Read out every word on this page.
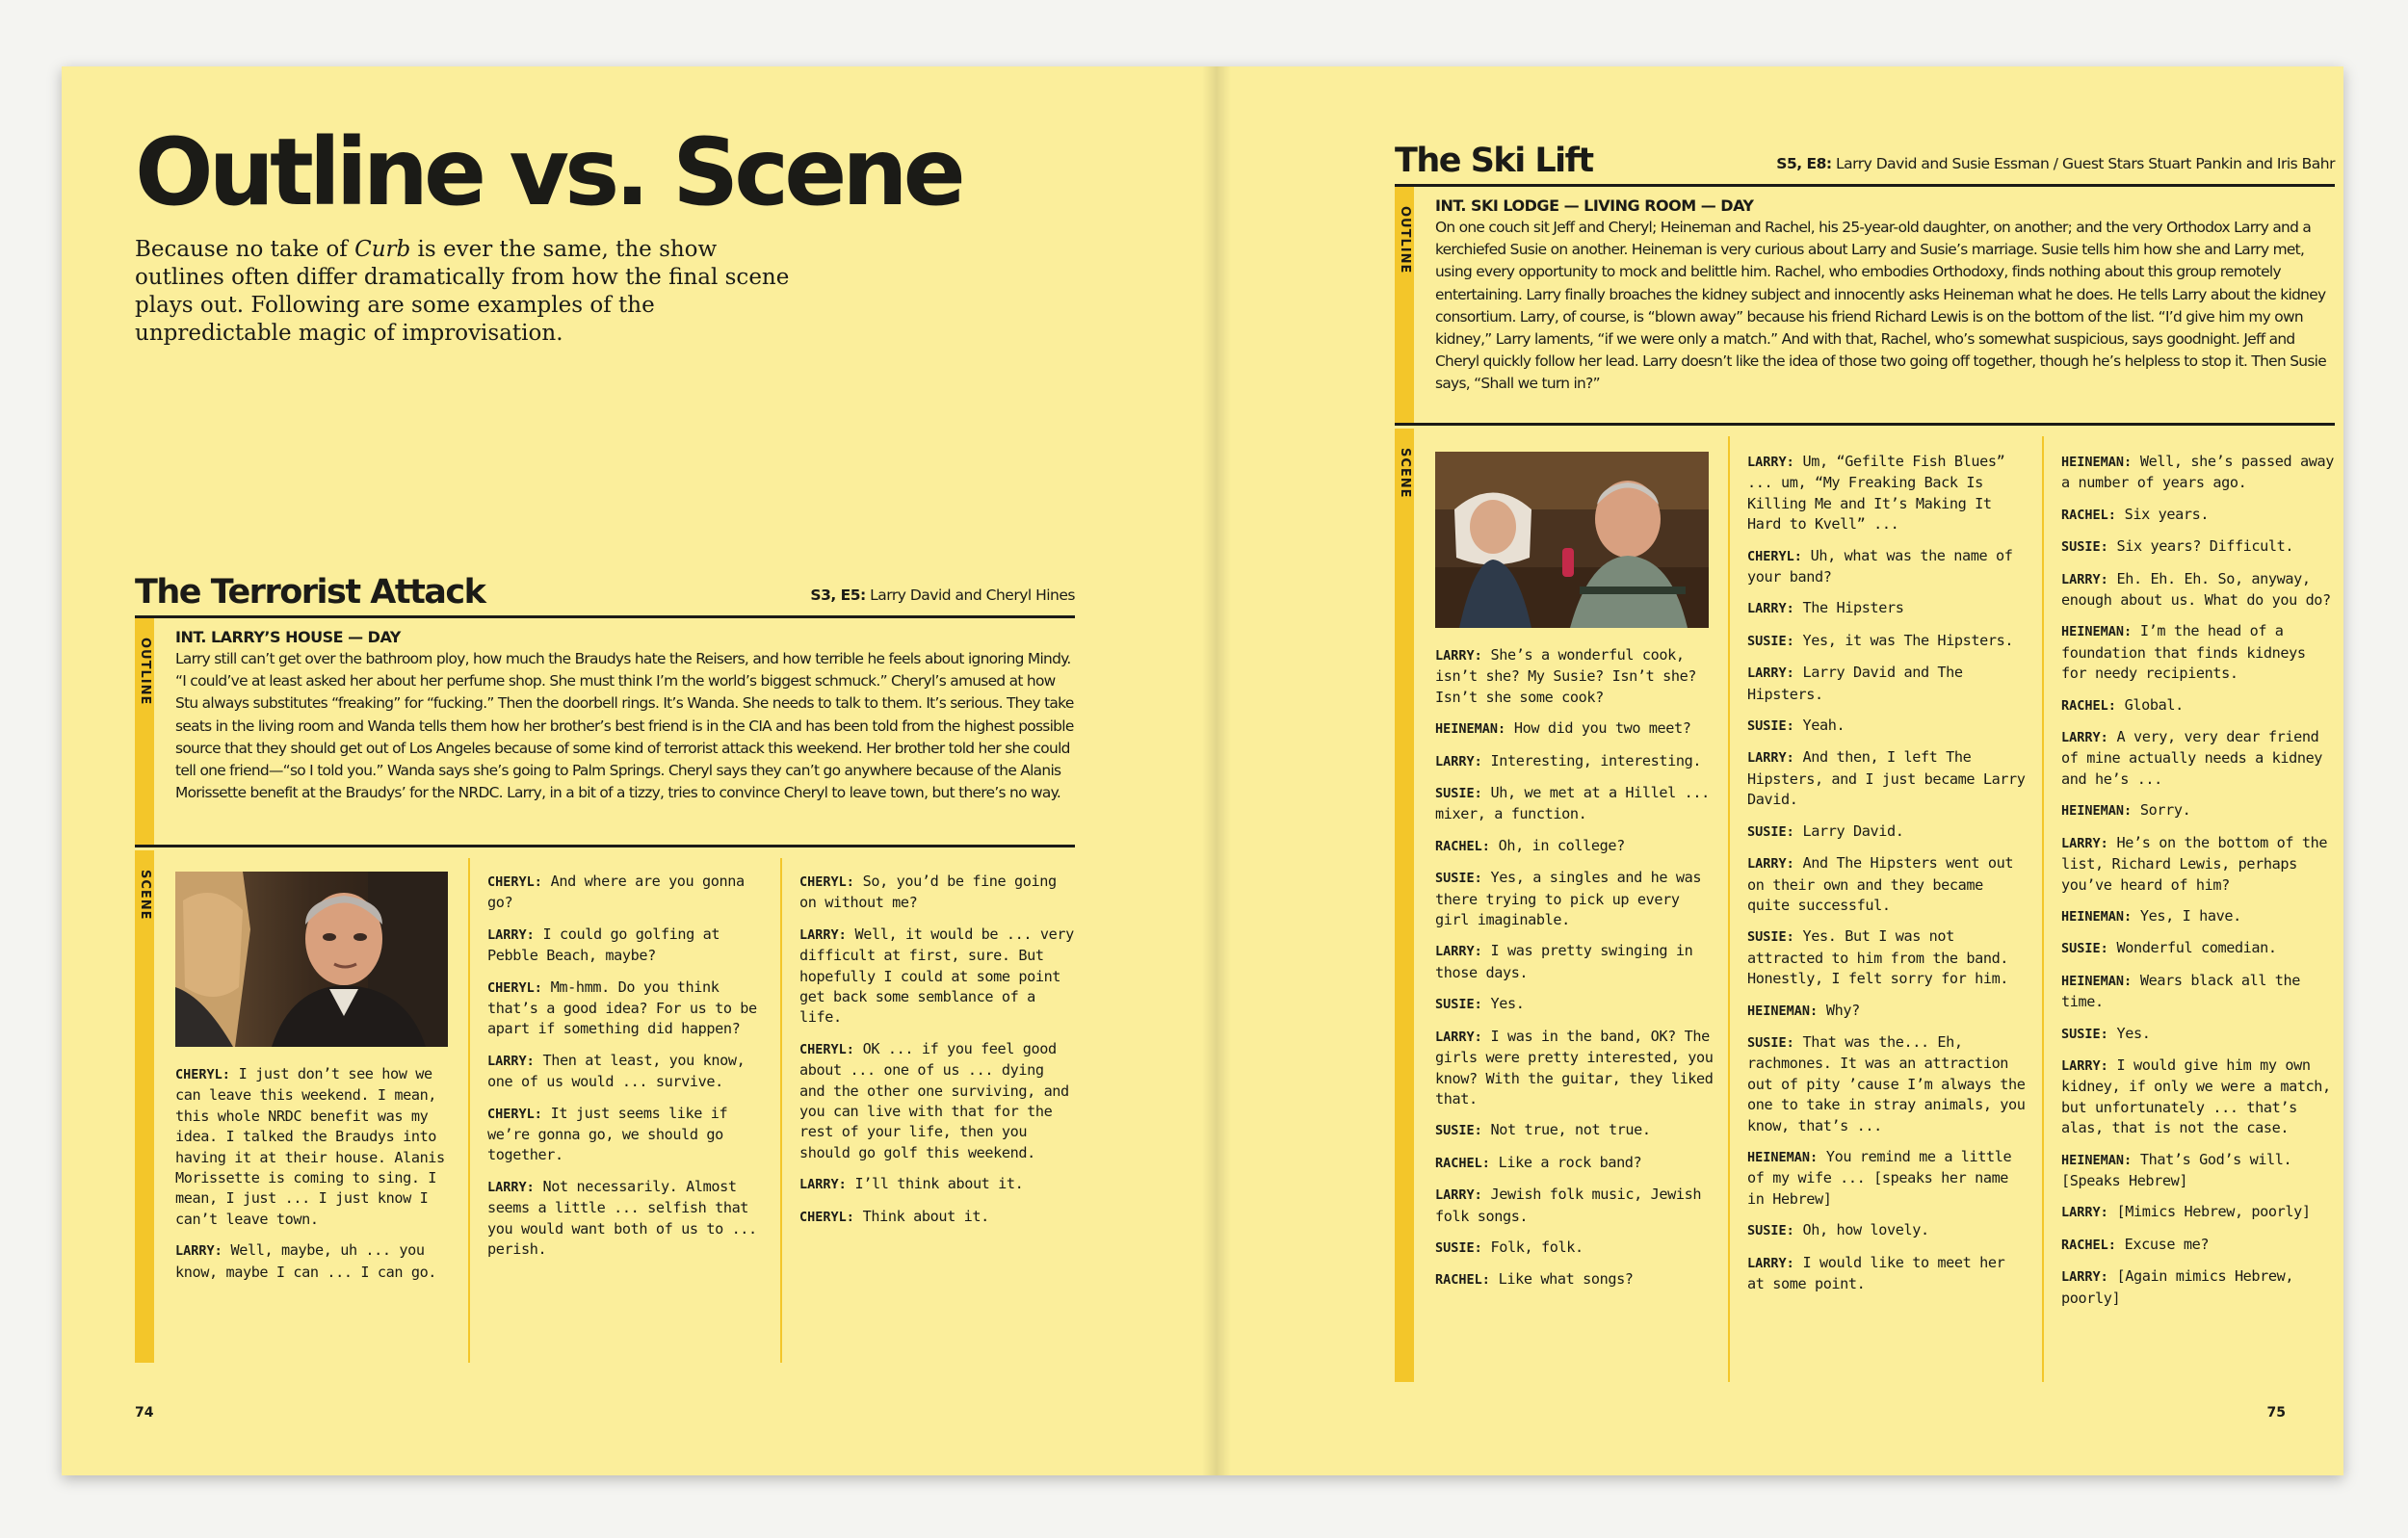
Outline vs. Scene

Because no take of Curb is ever the same, the show outlines often differ dramatically from how the final scene plays out. Following are some examples of the unpredictable magic of improvisation.

The Terrorist Attack	S3, E5: Larry David and Cheryl Hines
OUTLINE

INT. LARRY’S HOUSE — DAY

Larry still can’t get over the bathroom ploy, how much the Braudys hate the Reisers, and how terrible he feels about ignoring Mindy. “I could’ve at least asked her about her perfume shop. She must think I’m the world’s biggest schmuck.” Cheryl’s amused at how Stu always substitutes “freaking” for “fucking.” Then the doorbell rings. It’s Wanda. She needs to talk to them. It’s serious. They take seats in the living room and Wanda tells them how her brother’s best friend is in the CIA and has been told from the highest possible source that they should get out of Los Angeles because of some kind of terrorist attack this weekend. Her brother told her she could tell one friend—“so I told you.” Wanda says she’s going to Palm Springs. Cheryl says they can’t go anywhere because of the Alanis Morissette benefit at the Braudys’ for the NRDC. Larry, in a bit of a tizzy, tries to convince Cheryl to leave town, but there’s no way.

SCENE

CHERYL: I just don’t see how we can leave this weekend. I mean, this whole NRDC benefit was my idea. I talked the Braudys into having it at their house. Alanis Morissette is coming to sing. I mean, I just ... I just know I can’t leave town.

LARRY: Well, maybe, uh ... you know, maybe I can ... I can go.

CHERYL: And where are you gonna go?

LARRY: I could go golfing at Pebble Beach, maybe?

CHERYL: Mm-hmm. Do you think that’s a good idea? For us to be apart if something did happen?

LARRY: Then at least, you know, one of us would ... survive.

CHERYL: It just seems like if we’re gonna go, we should go together.

LARRY: Not necessarily. Almost seems a little ... selfish that you would want both of us to ... perish.

CHERYL: So, you’d be fine going on without me?

LARRY: Well, it would be ... very difficult at first, sure. But hopefully I could at some point get back some semblance of a life.

CHERYL: OK ... if you feel good about ... one of us ... dying and the other one surviving, and you can live with that for the rest of your life, then you should go golf this weekend.

LARRY: I’ll think about it.

CHERYL: Think about it.

74
The Ski Lift	S5, E8: Larry David and Susie Essman / Guest Stars Stuart Pankin and Iris Bahr
OUTLINE

INT. SKI LODGE — LIVING ROOM — DAY

On one couch sit Jeff and Cheryl; Heineman and Rachel, his 25-year-old daughter, on another; and the very Orthodox Larry and a kerchiefed Susie on another. Heineman is very curious about Larry and Susie’s marriage. Susie tells him how she and Larry met, using every opportunity to mock and belittle him. Rachel, who embodies Orthodoxy, finds nothing about this group remotely entertaining. Larry finally broaches the kidney subject and innocently asks Heineman what he does. He tells Larry about the kidney consortium. Larry, of course, is “blown away” because his friend Richard Lewis is on the bottom of the list. “I’d give him my own kidney,” Larry laments, “if we were only a match.” And with that, Rachel, who’s somewhat suspicious, says goodnight. Jeff and Cheryl quickly follow her lead. Larry doesn’t like the idea of those two going off together, though he’s helpless to stop it. Then Susie says, “Shall we turn in?”

SCENE

LARRY: She’s a wonderful cook, isn’t she? My Susie? Isn’t she? Isn’t she some cook?

HEINEMAN: How did you two meet?

LARRY: Interesting, interesting.

SUSIE: Uh, we met at a Hillel ... mixer, a function.

RACHEL: Oh, in college?

SUSIE: Yes, a singles and he was there trying to pick up every girl imaginable.

LARRY: I was pretty swinging in those days.

SUSIE: Yes.

LARRY: I was in the band, OK? The girls were pretty interested, you know? With the guitar, they liked that.

SUSIE: Not true, not true.

RACHEL: Like a rock band?

LARRY: Jewish folk music, Jewish folk songs.

SUSIE: Folk, folk.

RACHEL: Like what songs?

LARRY: Um, “Gefilte Fish Blues” ... um, “My Freaking Back Is Killing Me and It’s Making It Hard to Kvell” ...

CHERYL: Uh, what was the name of your band?

LARRY: The Hipsters

SUSIE: Yes, it was The Hipsters.

LARRY: Larry David and The Hipsters.

SUSIE: Yeah.

LARRY: And then, I left The Hipsters, and I just became Larry David.

SUSIE: Larry David.

LARRY: And The Hipsters went out on their own and they became quite successful.

SUSIE: Yes. But I was not attracted to him from the band. Honestly, I felt sorry for him.

HEINEMAN: Why?

SUSIE: That was the... Eh, rachmones. It was an attraction out of pity ’cause I’m always the one to take in stray animals, you know, that’s ...

HEINEMAN: You remind me a little of my wife ... [speaks her name in Hebrew]

SUSIE: Oh, how lovely.

LARRY: I would like to meet her at some point.

HEINEMAN: Well, she’s passed away a number of years ago.

RACHEL: Six years.

SUSIE: Six years? Difficult.

LARRY: Eh. Eh. Eh. So, anyway, enough about us. What do you do?

HEINEMAN: I’m the head of a foundation that finds kidneys for needy recipients.

RACHEL: Global.

LARRY: A very, very dear friend of mine actually needs a kidney and he’s ...

HEINEMAN: Sorry.

LARRY: He’s on the bottom of the list, Richard Lewis, perhaps you’ve heard of him?

HEINEMAN: Yes, I have.

SUSIE: Wonderful comedian.

HEINEMAN: Wears black all the time.

SUSIE: Yes.

LARRY: I would give him my own kidney, if only we were a match, but unfortunately ... that’s alas, that is not the case.

HEINEMAN: That’s God’s will. [Speaks Hebrew]

LARRY: [Mimics Hebrew, poorly]

RACHEL: Excuse me?

LARRY: [Again mimics Hebrew, poorly]

75
